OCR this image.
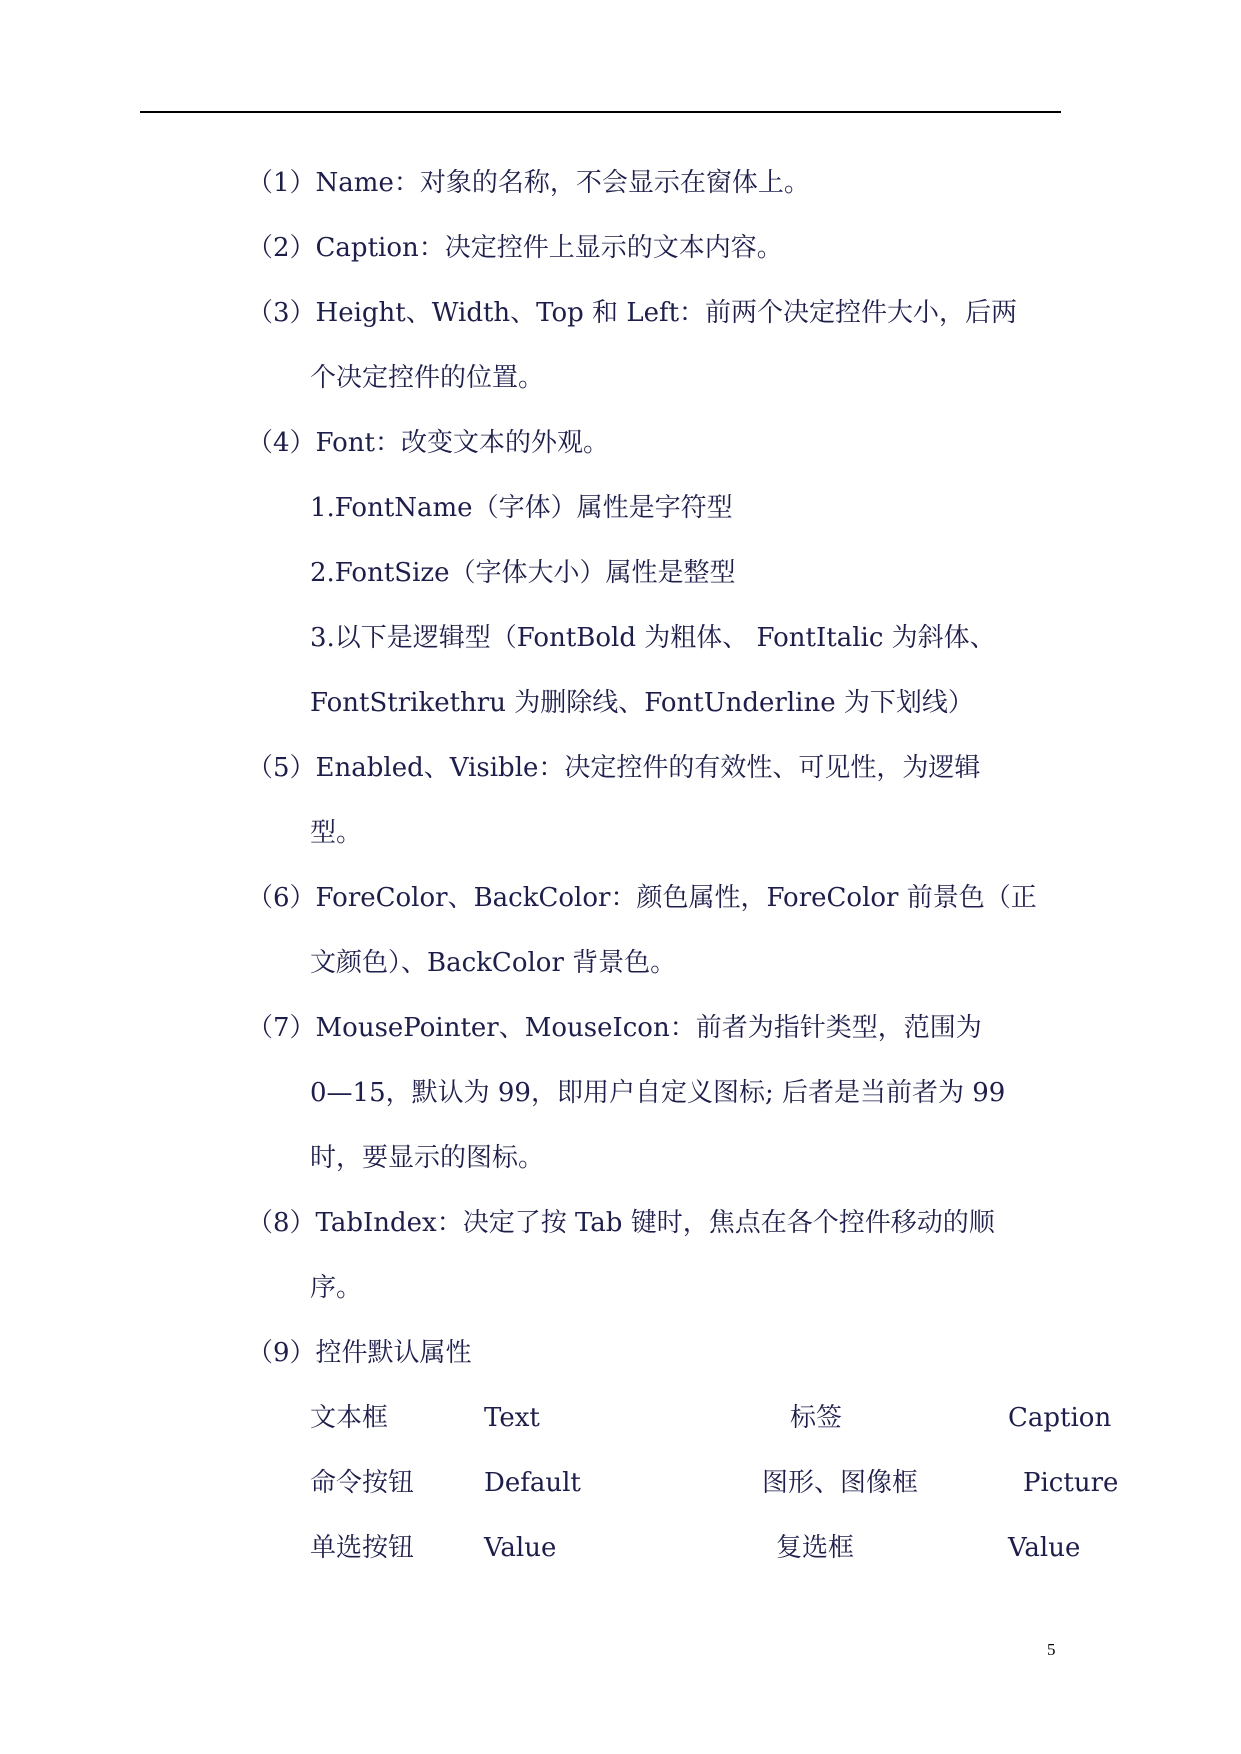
（1）Name：对象的名称，不会显示在窗体上。
（2）Caption：决定控件上显示的文本内容。
（3）Height、Width、Top 和 Left：前两个决定控件大小，后两
个决定控件的位置。
（4）Font：改变文本的外观。
1.FontName（字体）属性是字符型
2.FontSize（字体大小）属性是整型
3.以下是逻辑型（FontBold 为粗体、 FontItalic 为斜体、
FontStrikethru 为删除线、FontUnderline 为下划线）
（5）Enabled、Visible：决定控件的有效性、可见性，为逻辑
型。
（6）ForeColor、BackColor：颜色属性，ForeColor 前景色（正
文颜色）、BackColor 背景色。
（7）MousePointer、MouseIcon：前者为指针类型，范围为
0—15，默认为 99，即用户自定义图标; 后者是当前者为 99
时，要显示的图标。
（8）TabIndex：决定了按 Tab 键时，焦点在各个控件移动的顺
序。
（9）控件默认属性
文本框	Text	标签	Caption
命令按钮	Default	图形、图像框	Picture
单选按钮	Value	复选框	Value
5
